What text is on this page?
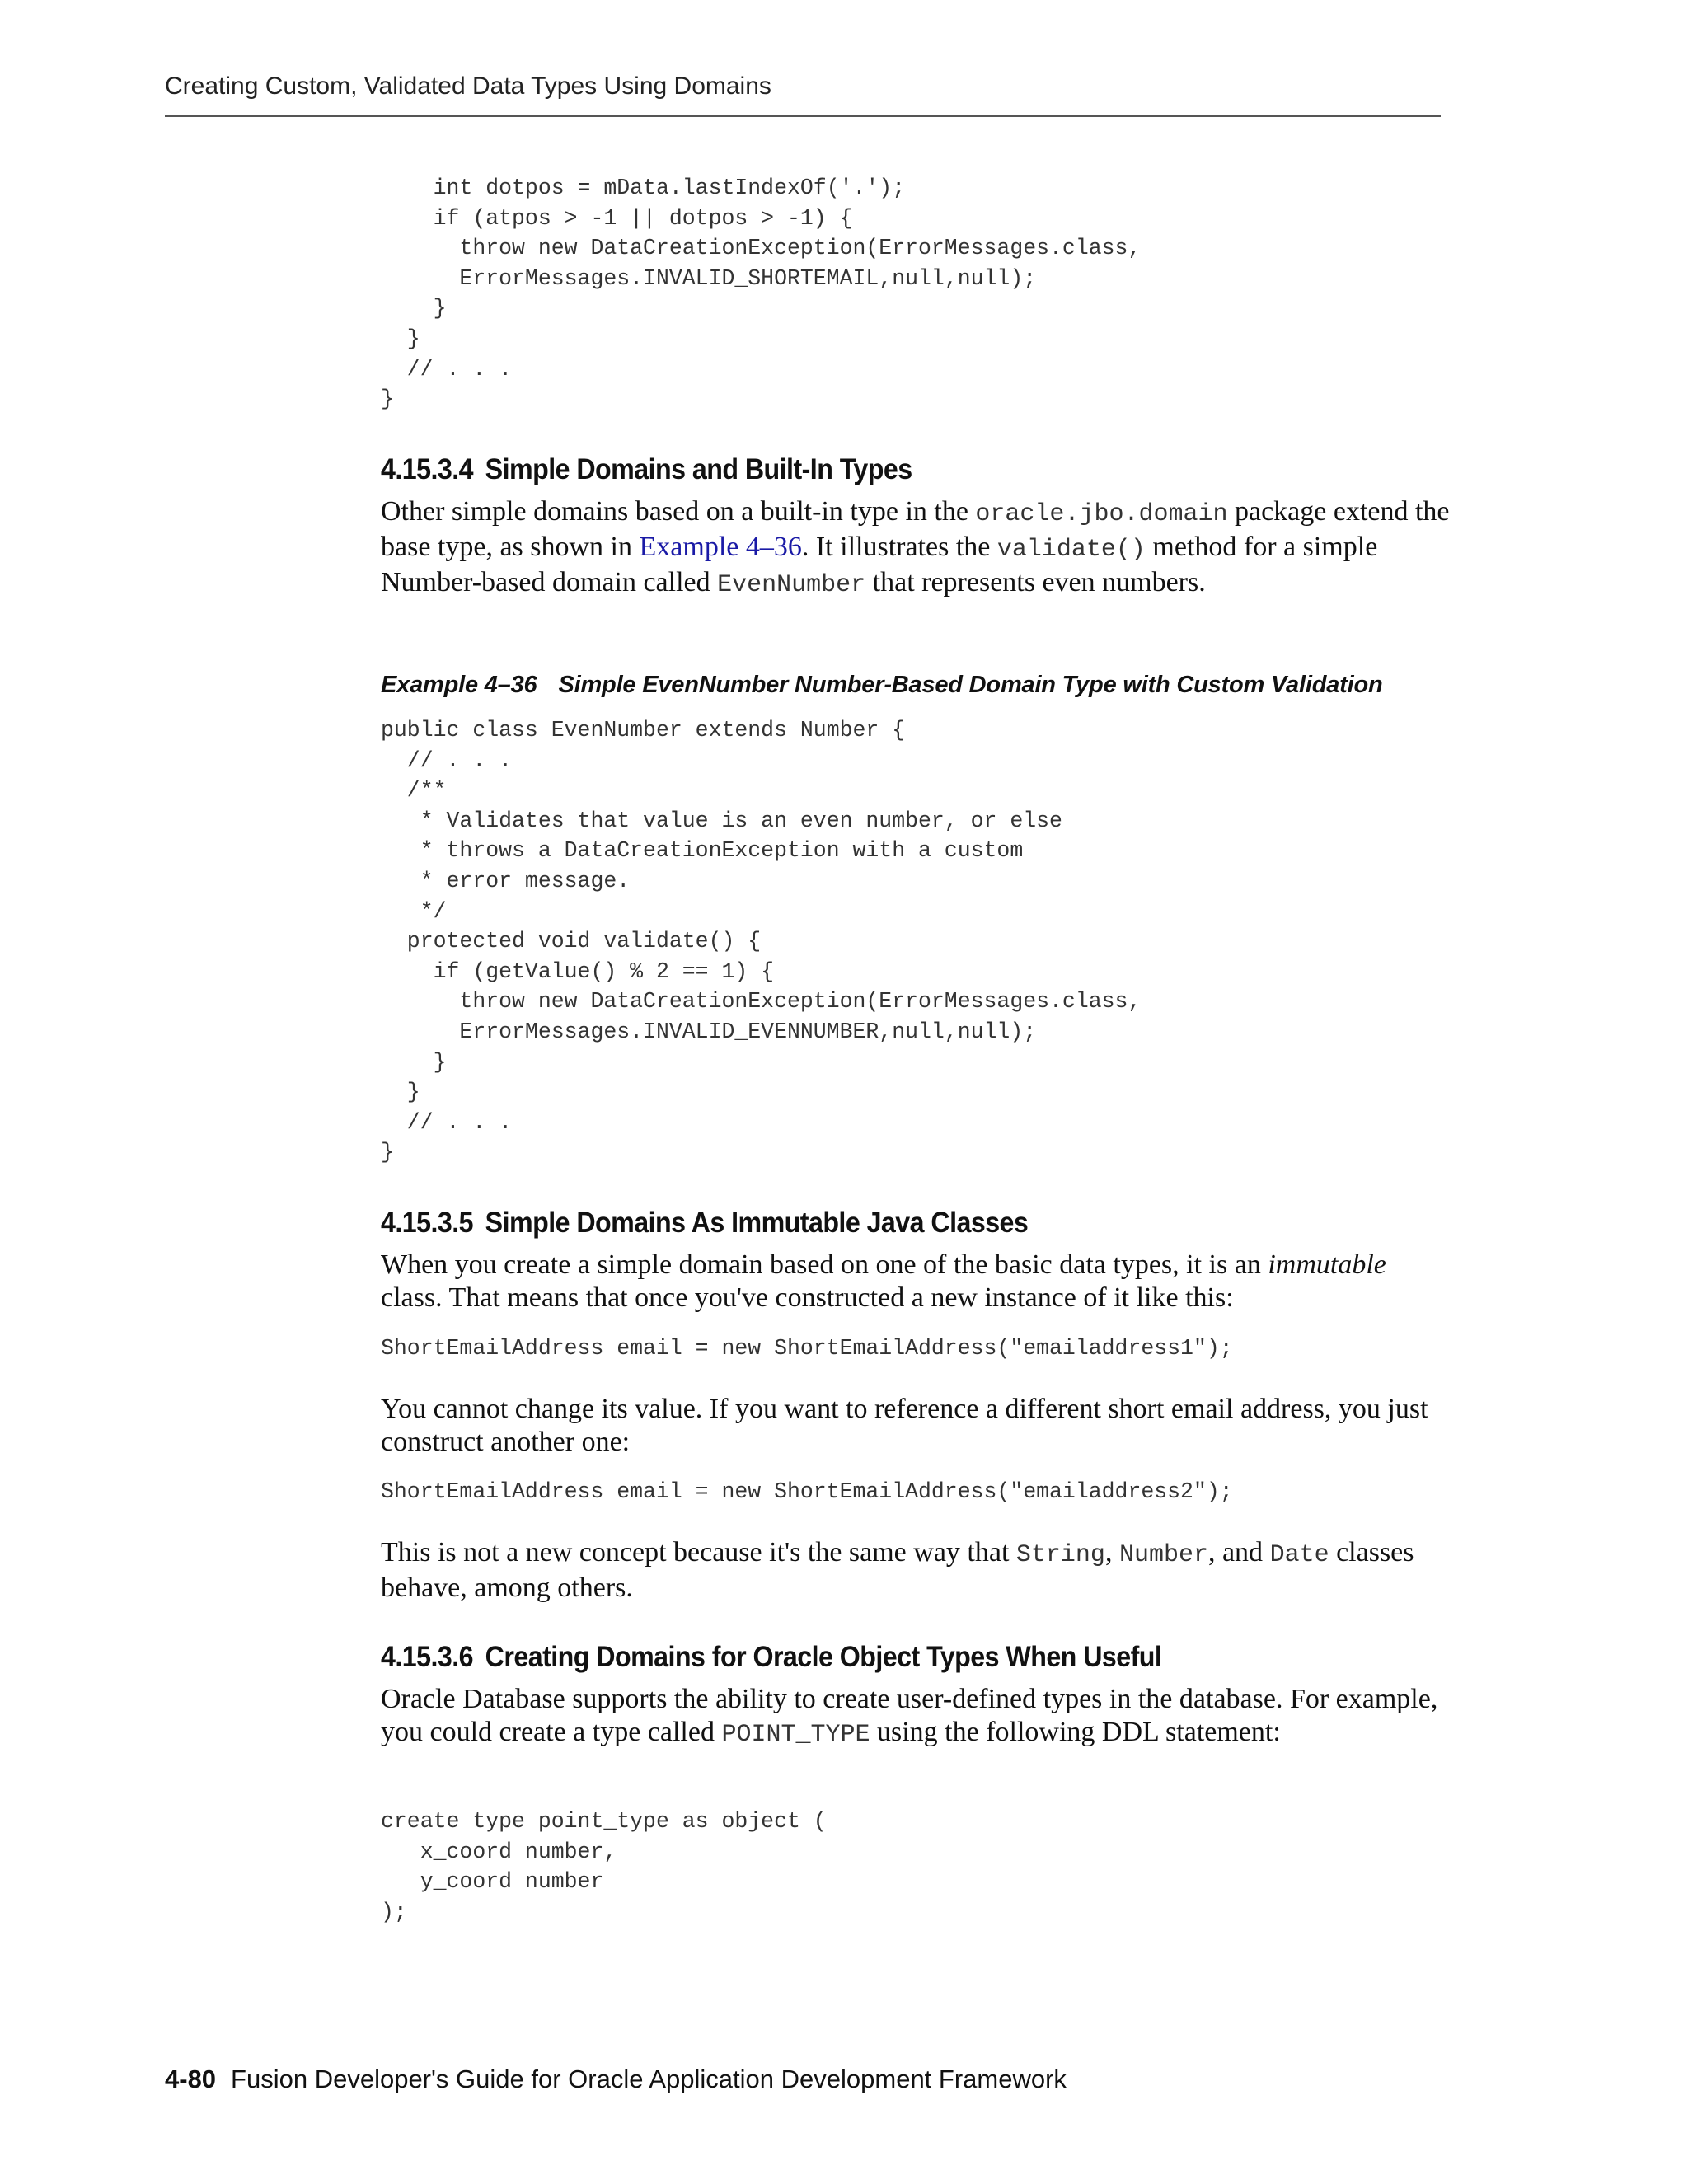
Creating Custom, Validated Data Types Using Domains
int dotpos = mData.lastIndexOf('.');
if (atpos > -1 || dotpos > -1) {
throw new DataCreationException(ErrorMessages.class,
ErrorMessages.INVALID_SHORTEMAIL,null,null);
}
}
// . . .
}
4.15.3.4 Simple Domains and Built-In Types

Other simple domains based on a built-in type in the oracle.jbo.domain package extend the base type, as shown in Example 4–36. It illustrates the validate() method for a simple Number-based domain called EvenNumber that represents even numbers.

Example 4–36 Simple EvenNumber Number-Based Domain Type with Custom Validation
public class EvenNumber extends Number {
// . . .
/**
* Validates that value is an even number, or else
* throws a DataCreationException with a custom
* error message.
*/
protected void validate() {
if (getValue() % 2 == 1) {
throw new DataCreationException(ErrorMessages.class,
ErrorMessages.INVALID_EVENNUMBER,null,null);
}
}
// . . .
}
4.15.3.5 Simple Domains As Immutable Java Classes

When you create a simple domain based on one of the basic data types, it is an immutable class. That means that once you've constructed a new instance of it like this:

ShortEmailAddress email = new ShortEmailAddress("emailaddress1");

You cannot change its value. If you want to reference a different short email address, you just construct another one:

ShortEmailAddress email = new ShortEmailAddress("emailaddress2");

This is not a new concept because it's the same way that String, Number, and Date classes behave, among others.

4.15.3.6 Creating Domains for Oracle Object Types When Useful

Oracle Database supports the ability to create user-defined types in the database. For example, you could create a type called POINT_TYPE using the following DDL statement:

create type point_type as object (
x_coord number,
y_coord number
);
4-80 Fusion Developer's Guide for Oracle Application Development Framework
